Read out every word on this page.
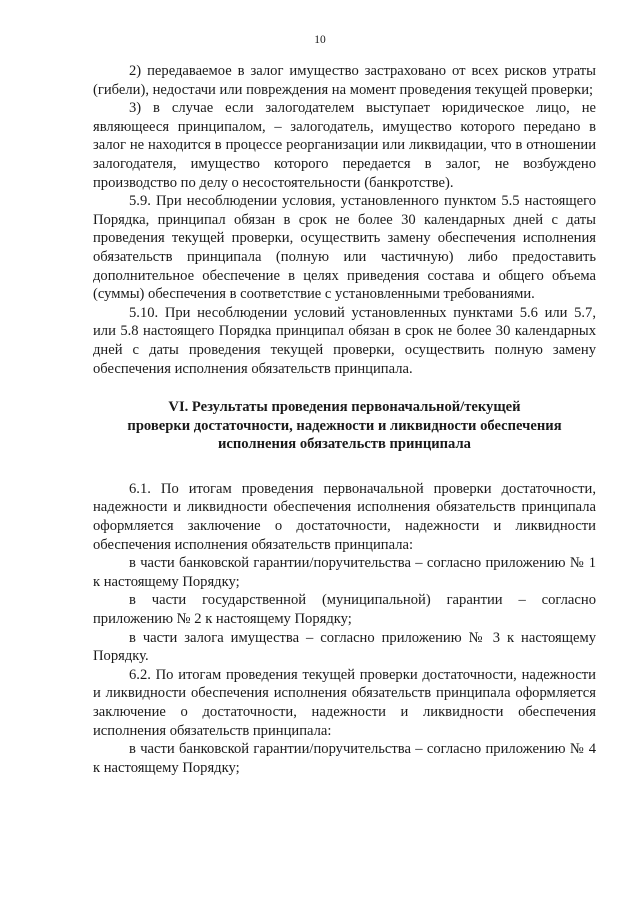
10

2) передаваемое в залог имущество застраховано от всех рисков утраты (гибели), недостачи или повреждения на момент проведения текущей проверки;

3) в случае если залогодателем выступает юридическое лицо, не являющееся принципалом, – залогодатель, имущество которого передано в залог не находится в процессе реорганизации или ликвидации, что в отношении залогодателя, имущество которого передается в залог, не возбуждено производство по делу о несостоятельности (банкротстве).

5.9. При несоблюдении условия, установленного пунктом 5.5 настоящего Порядка, принципал обязан в срок не более 30 календарных дней с даты проведения текущей проверки, осуществить замену обеспечения исполнения обязательств принципала (полную или частичную) либо предоставить дополнительное обеспечение в целях приведения состава и общего объема (суммы) обеспечения в соответствие с установленными требованиями.

5.10. При несоблюдении условий установленных пунктами 5.6 или 5.7, или 5.8 настоящего Порядка принципал обязан в срок не более 30 календарных дней с даты проведения текущей проверки, осуществить полную замену обеспечения исполнения обязательств принципала.

VI. Результаты проведения первоначальной/текущей
проверки достаточности, надежности и ликвидности обеспечения
исполнения обязательств принципала

6.1. По итогам проведения первоначальной проверки достаточности, надежности и ликвидности обеспечения исполнения обязательств принципала оформляется заключение о достаточности, надежности и ликвидности обеспечения исполнения обязательств принципала:

в части банковской гарантии/поручительства – согласно приложению № 1 к настоящему Порядку;

в части государственной (муниципальной) гарантии – согласно приложению № 2 к настоящему Порядку;

в части залога имущества – согласно приложению № 3 к настоящему Порядку.

6.2. По итогам проведения текущей проверки достаточности, надежности и ликвидности обеспечения исполнения обязательств принципала оформляется заключение о достаточности, надежности и ликвидности обеспечения исполнения обязательств принципала:

в части банковской гарантии/поручительства – согласно приложению № 4 к настоящему Порядку;
